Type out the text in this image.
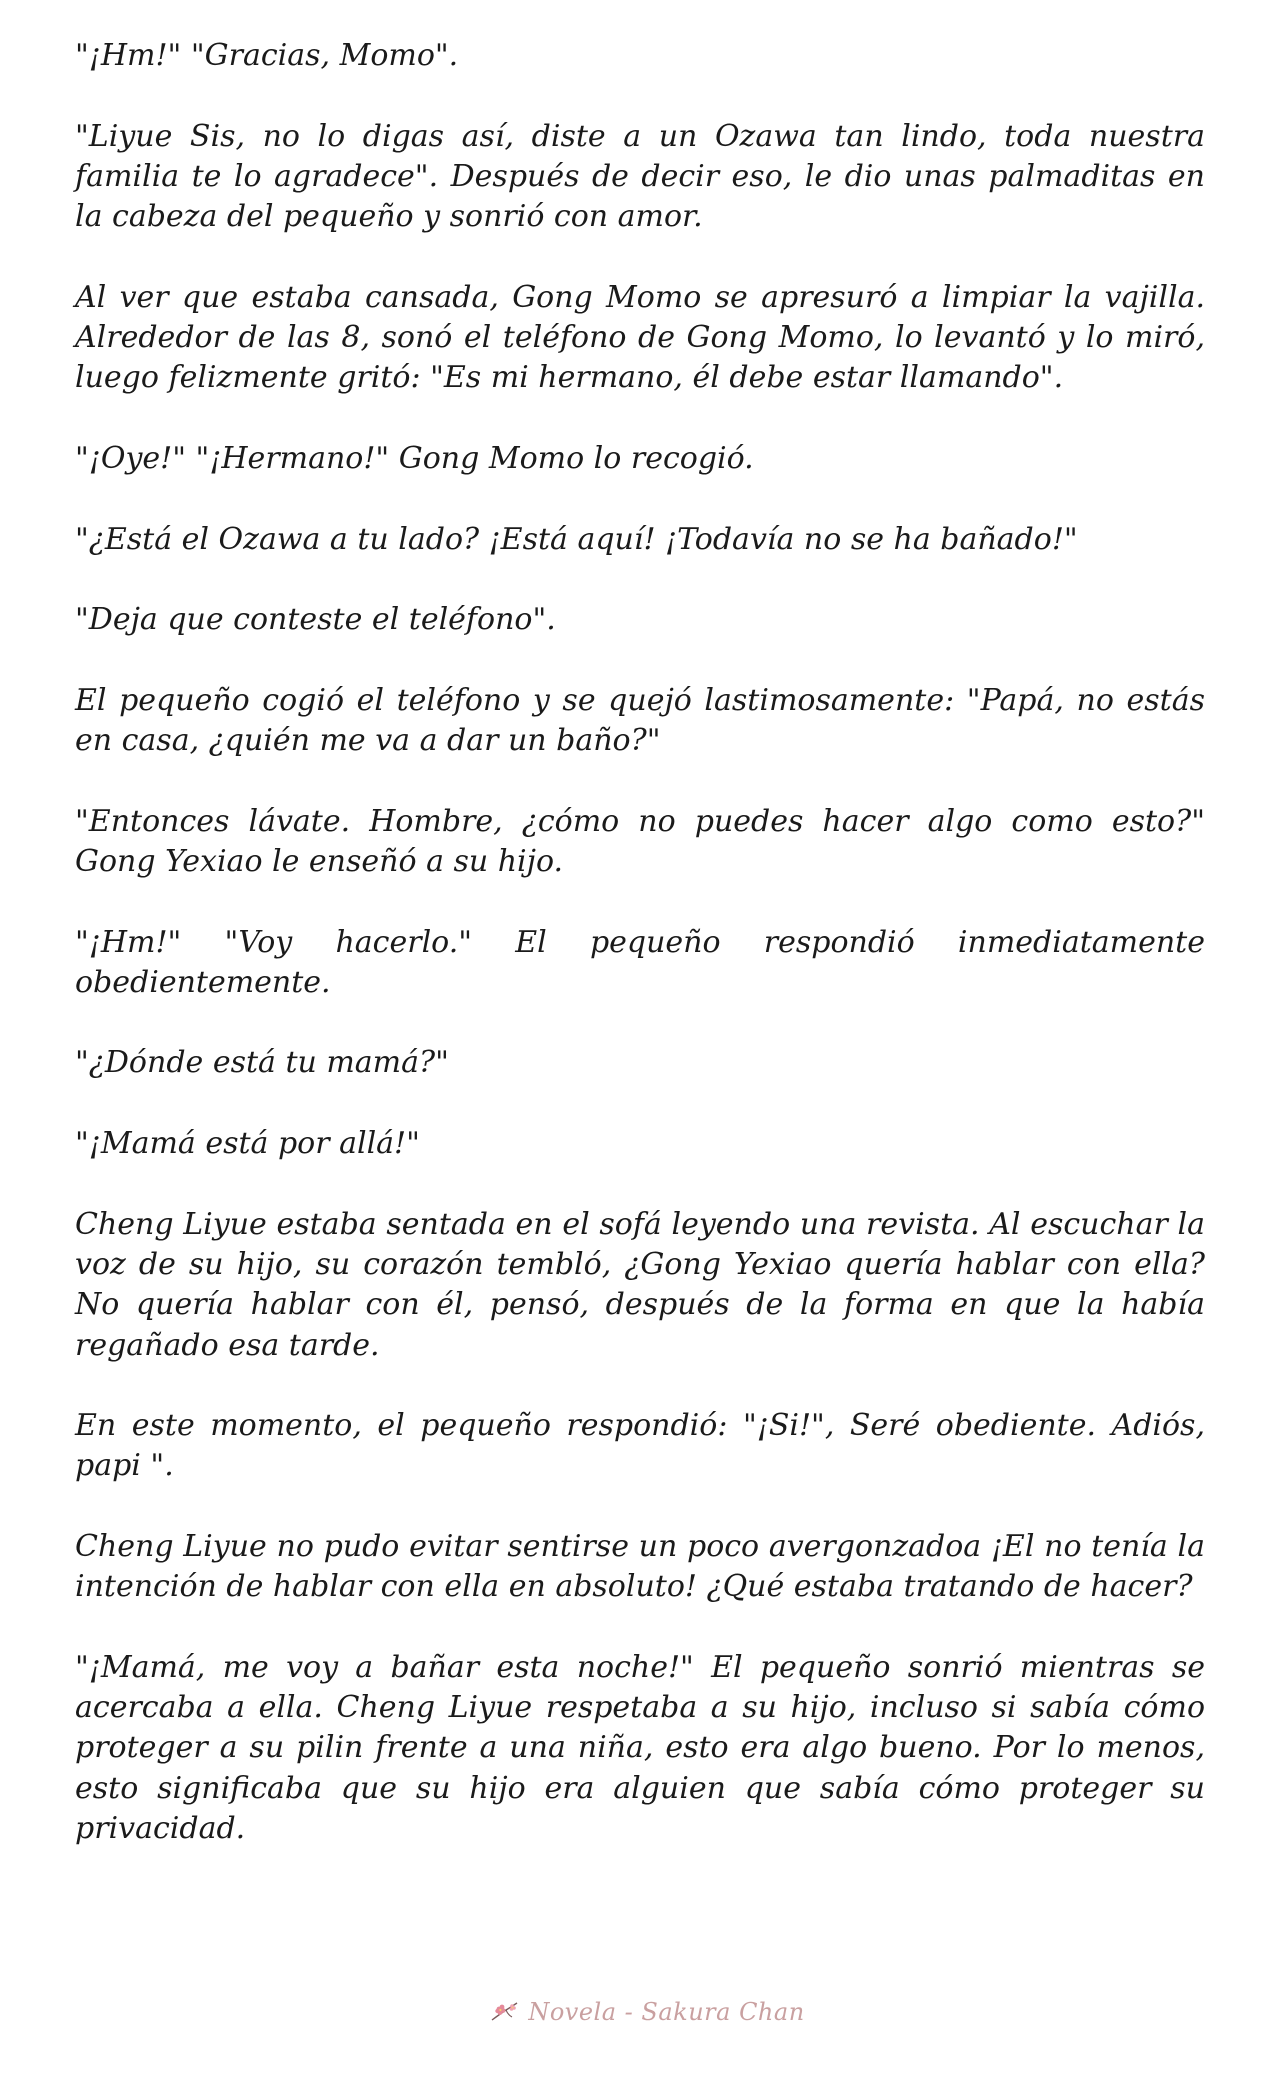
"¡Hm!" "Gracias, Momo".

"Liyue Sis, no lo digas así, diste a un Ozawa tan lindo, toda nuestra familia te lo agradece". Después de decir eso, le dio unas palmaditas en la cabeza del pequeño y sonrió con amor.

Al ver que estaba cansada, Gong Momo se apresuró a limpiar la vajilla. Alrededor de las 8, sonó el teléfono de Gong Momo, lo levantó y lo miró, luego felizmente gritó: "Es mi hermano, él debe estar llamando".

"¡Oye!" "¡Hermano!" Gong Momo lo recogió.

"¿Está el Ozawa a tu lado? ¡Está aquí! ¡Todavía no se ha bañado!"

"Deja que conteste el teléfono".

El pequeño cogió el teléfono y se quejó lastimosamente: "Papá, no estás en casa, ¿quién me va a dar un baño?"

"Entonces lávate. Hombre, ¿cómo no puedes hacer algo como esto?" Gong Yexiao le enseñó a su hijo.

"¡Hm!" "Voy hacerlo." El pequeño respondió inmediatamente obedientemente.

"¿Dónde está tu mamá?"

"¡Mamá está por allá!"

Cheng Liyue estaba sentada en el sofá leyendo una revista. Al escuchar la voz de su hijo, su corazón tembló, ¿Gong Yexiao quería hablar con ella? No quería hablar con él, pensó, después de la forma en que la había regañado esa tarde.

En este momento, el pequeño respondió: "¡Si!", Seré obediente. Adiós, papi ".

Cheng Liyue no pudo evitar sentirse un poco avergonzadoa ¡El no tenía la intención de hablar con ella en absoluto! ¿Qué estaba tratando de hacer?

"¡Mamá, me voy a bañar esta noche!" El pequeño sonrió mientras se acercaba a ella. Cheng Liyue respetaba a su hijo, incluso si sabía cómo proteger a su pilin frente a una niña, esto era algo bueno. Por lo menos, esto significaba que su hijo era alguien que sabía cómo proteger su privacidad.

Novela - Sakura Chan
